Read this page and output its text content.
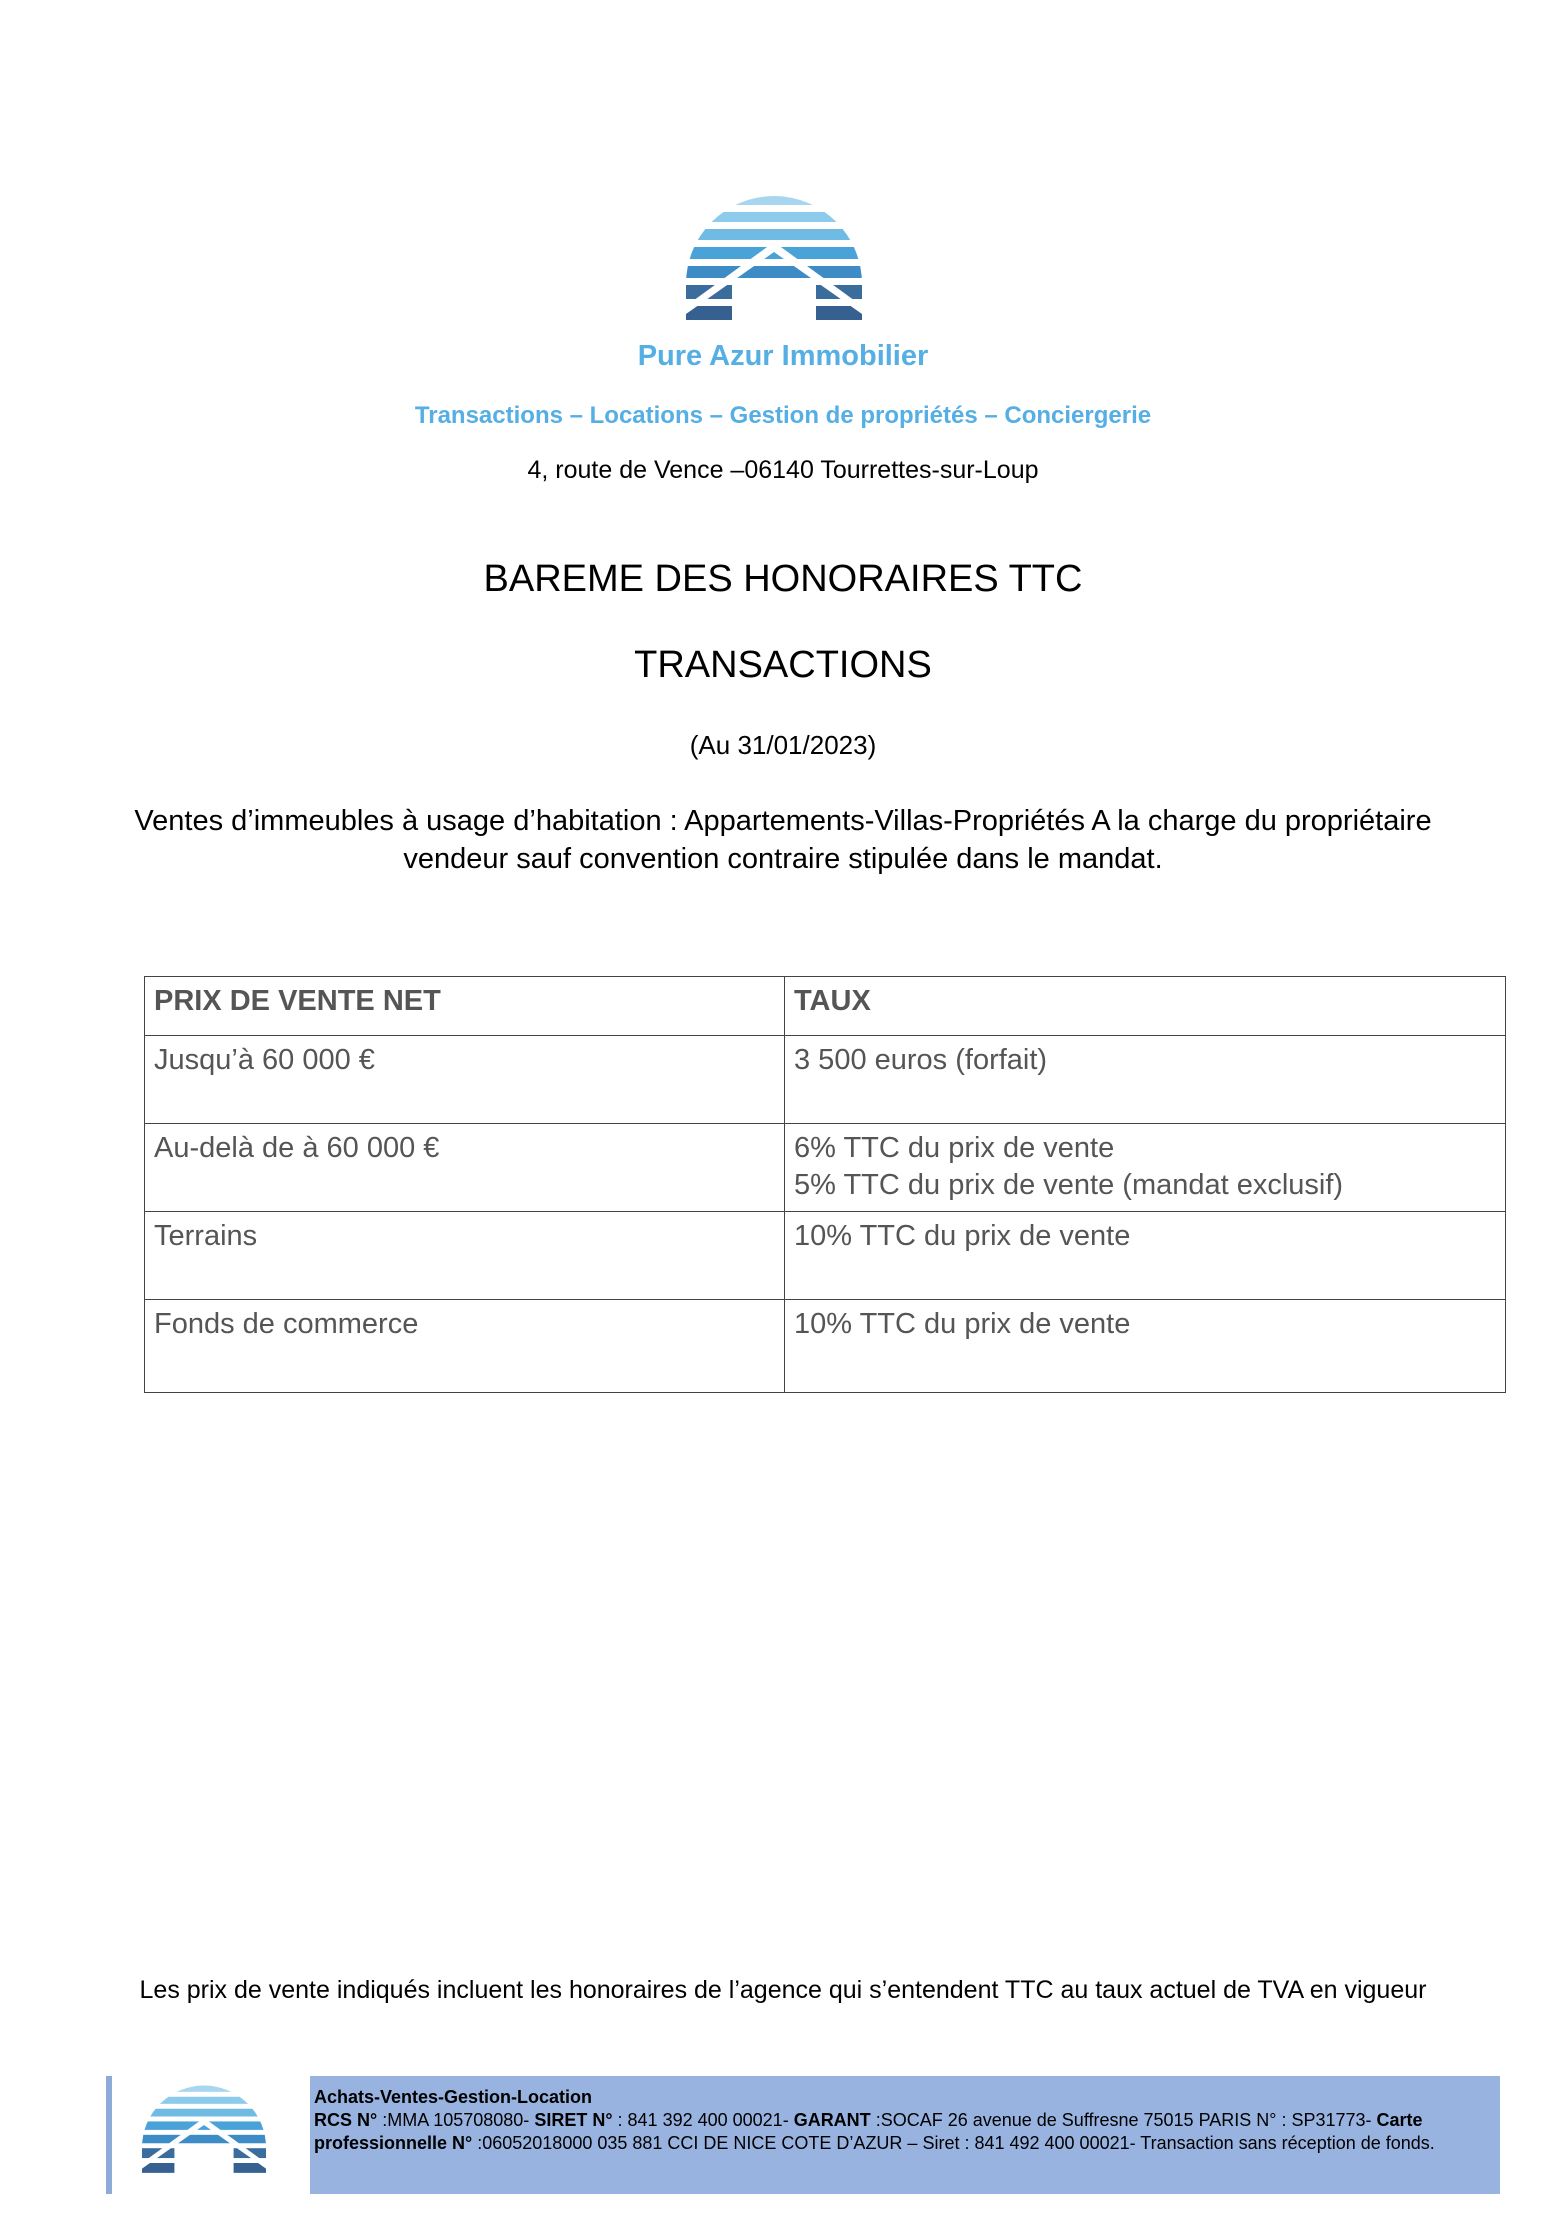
Pure Azur Immobilier
Transactions – Locations – Gestion de propriétés – Conciergerie
4, route de Vence –06140 Tourrettes-sur-Loup
BAREME DES HONORAIRES TTC
TRANSACTIONS
(Au 31/01/2023)
Ventes d’immeubles à usage d’habitation : Appartements-Villas-Propriétés A la charge du propriétaire vendeur sauf convention contraire stipulée dans le mandat.
PRIX DE VENTE NET	TAUX
Jusqu’à 60 000 €	3 500 euros (forfait)

Au-delà de à 60 000 €	6% TTC du prix de vente
5% TTC du prix de vente (mandat exclusif)

Terrains	10% TTC du prix de vente

Fonds de commerce	10% TTC du prix de vente
Les prix de vente indiqués incluent les honoraires de l’agence qui s’entendent TTC au taux actuel de TVA en vigueur
Achats-Ventes-Gestion-Location
RCS N° :MMA 105708080- SIRET N° : 841 392 400 00021- GARANT :SOCAF 26 avenue de Suffresne 75015 PARIS N° : SP31773- Carte professionnelle N° :06052018000 035 881 CCI DE NICE COTE D’AZUR – Siret : 841 492 400 00021- Transaction sans réception de fonds.
